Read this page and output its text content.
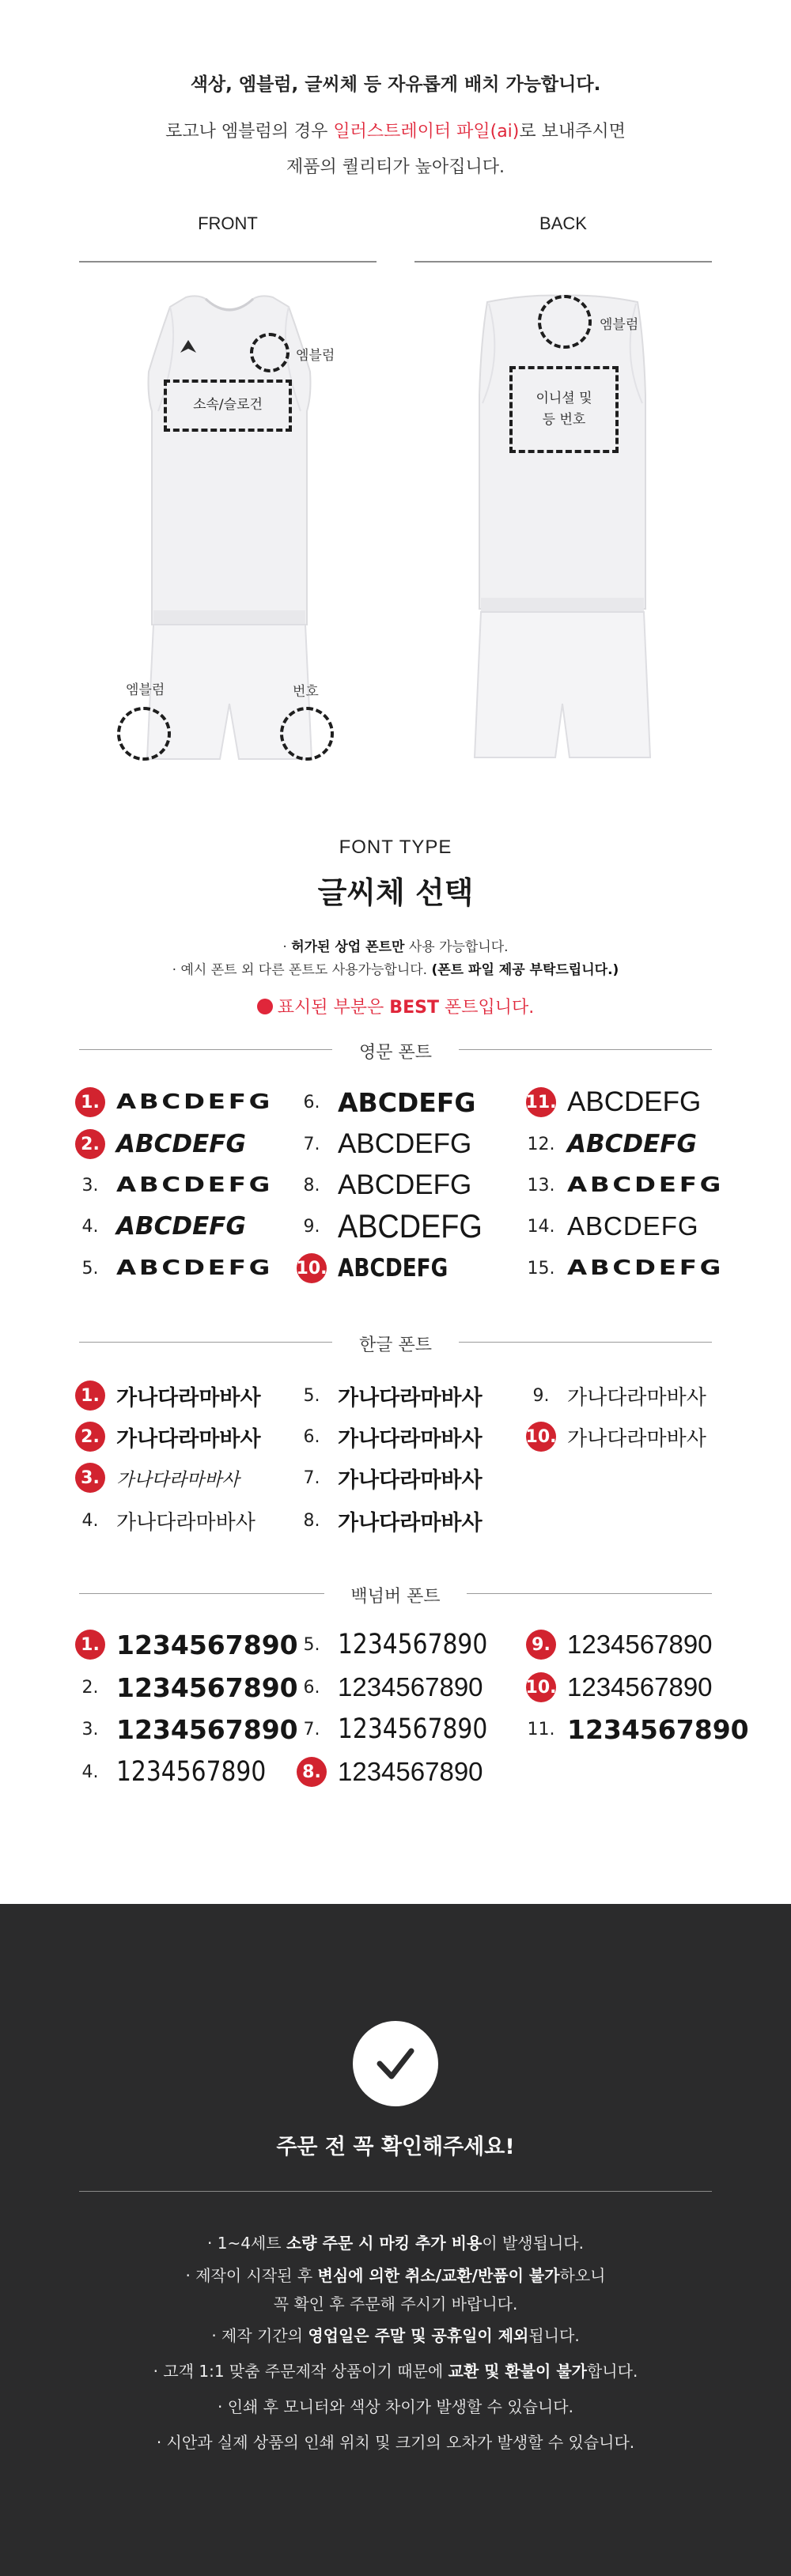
색상, 엠블럼, 글씨체 등 자유롭게 배치 가능합니다.
로고나 엠블럼의 경우 일러스트레이터 파일(ai)로 보내주시면
제품의 퀄리티가 높아집니다.
FRONT	BACK
엠블럼
소속/슬로건
엠블럼	번호
엠블럼
이니셜 및
등 번호
FONT TYPE
글씨체 선택
· 허가된 상업 폰트만 사용 가능합니다.
· 예시 폰트 외 다른 폰트도 사용가능합니다. (폰트 파일 제공 부탁드립니다.)
표시된 부분은 BEST 폰트입니다.
영문 폰트
1. ABCDEFG
2. ABCDEFG
3. ABCDEFG
4. ABCDEFG
5. ABCDEFG
6. ABCDEFG
7. ABCDEFG
8. ABCDEFG
9. ABCDEFG
10. ABCDEFG
11. ABCDEFG
12. ABCDEFG
13. ABCDEFG
14. ABCDEFG
15. ABCDEFG
한글 폰트
1. 가나다라마바사
2. 가나다라마바사
3. 가나다라마바사
4. 가나다라마바사
5. 가나다라마바사
6. 가나다라마바사
7. 가나다라마바사
8. 가나다라마바사
9. 가나다라마바사
10. 가나다라마바사
백넘버 폰트
1. 1234567890
2. 1234567890
3. 1234567890
4. 1234567890
5. 1234567890
6. 1234567890
7. 1234567890
8. 1234567890
9. 1234567890
10. 1234567890
11. 1234567890
주문 전 꼭 확인해주세요!
· 1~4세트 소량 주문 시 마킹 추가 비용이 발생됩니다.
· 제작이 시작된 후 변심에 의한 취소/교환/반품이 불가하오니
꼭 확인 후 주문해 주시기 바랍니다.
· 제작 기간의 영업일은 주말 및 공휴일이 제외됩니다.
· 고객 1:1 맞춤 주문제작 상품이기 때문에 교환 및 환불이 불가합니다.
· 인쇄 후 모니터와 색상 차이가 발생할 수 있습니다.
· 시안과 실제 상품의 인쇄 위치 및 크기의 오차가 발생할 수 있습니다.
